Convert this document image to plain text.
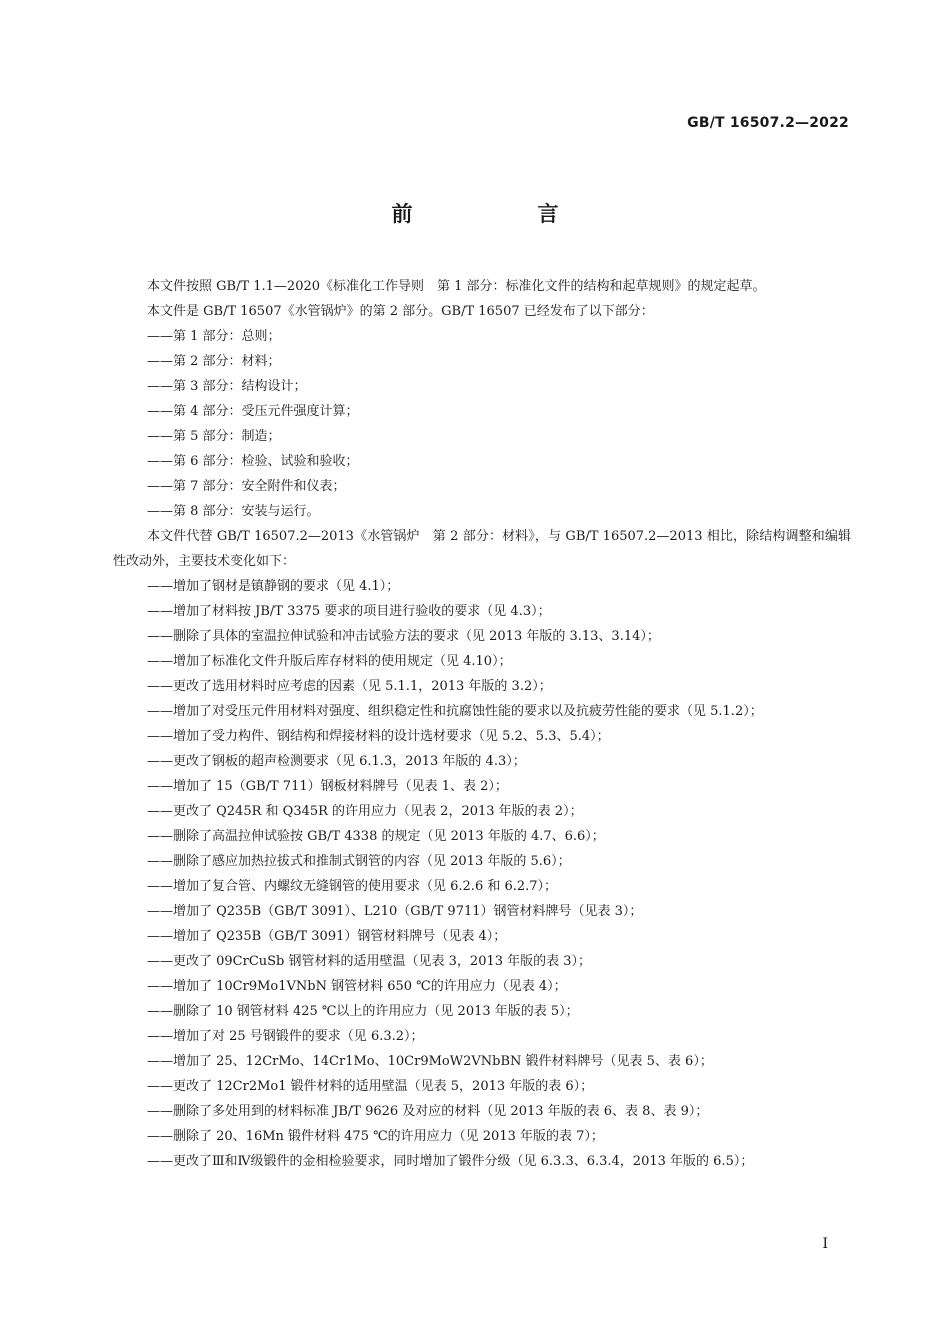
GB/T 16507.2—2022
前　言

本文件按照 GB/T 1.1—2020《标准化工作导则　第 1 部分：标准化文件的结构和起草规则》的规定起草。

本文件是 GB/T 16507《水管锅炉》的第 2 部分。GB/T 16507 已经发布了以下部分：

——第 1 部分：总则；

——第 2 部分：材料；

——第 3 部分：结构设计；

——第 4 部分：受压元件强度计算；

——第 5 部分：制造；

——第 6 部分：检验、试验和验收；

——第 7 部分：安全附件和仪表；

——第 8 部分：安装与运行。

本文件代替 GB/T 16507.2—2013《水管锅炉　第 2 部分：材料》，与 GB/T 16507.2—2013 相比，除结构调整和编辑性改动外，主要技术变化如下：

——增加了钢材是镇静钢的要求（见 4.1）；

——增加了材料按 JB/T 3375 要求的项目进行验收的要求（见 4.3）；

——删除了具体的室温拉伸试验和冲击试验方法的要求（见 2013 年版的 3.13、3.14）；

——增加了标准化文件升版后库存材料的使用规定（见 4.10）；

——更改了选用材料时应考虑的因素（见 5.1.1，2013 年版的 3.2）；

——增加了对受压元件用材料对强度、组织稳定性和抗腐蚀性能的要求以及抗疲劳性能的要求（见 5.1.2）；

——增加了受力构件、钢结构和焊接材料的设计选材要求（见 5.2、5.3、5.4）；

——更改了钢板的超声检测要求（见 6.1.3，2013 年版的 4.3）；

——增加了 15（GB/T 711）钢板材料牌号（见表 1、表 2）；

——更改了 Q245R 和 Q345R 的许用应力（见表 2，2013 年版的表 2）；

——删除了高温拉伸试验按 GB/T 4338 的规定（见 2013 年版的 4.7、6.6）；

——删除了感应加热拉拔式和推制式钢管的内容（见 2013 年版的 5.6）；

——增加了复合管、内螺纹无缝钢管的使用要求（见 6.2.6 和 6.2.7）；

——增加了 Q235B（GB/T 3091）、L210（GB/T 9711）钢管材料牌号（见表 3）；

——增加了 Q235B（GB/T 3091）钢管材料牌号（见表 4）；

——更改了 09CrCuSb 钢管材料的适用壁温（见表 3，2013 年版的表 3）；

——增加了 10Cr9Mo1VNbN 钢管材料 650 ℃的许用应力（见表 4）；

——删除了 10 钢管材料 425 ℃以上的许用应力（见 2013 年版的表 5）；

——增加了对 25 号钢锻件的要求（见 6.3.2）；

——增加了 25、12CrMo、14Cr1Mo、10Cr9MoW2VNbBN 锻件材料牌号（见表 5、表 6）；

——更改了 12Cr2Mo1 锻件材料的适用壁温（见表 5，2013 年版的表 6）；

——删除了多处用到的材料标准 JB/T 9626 及对应的材料（见 2013 年版的表 6、表 8、表 9）；

——删除了 20、16Mn 锻件材料 475 ℃的许用应力（见 2013 年版的表 7）；

——更改了Ⅲ和Ⅳ级锻件的金相检验要求，同时增加了锻件分级（见 6.3.3、6.3.4，2013 年版的 6.5）；

Ⅰ
